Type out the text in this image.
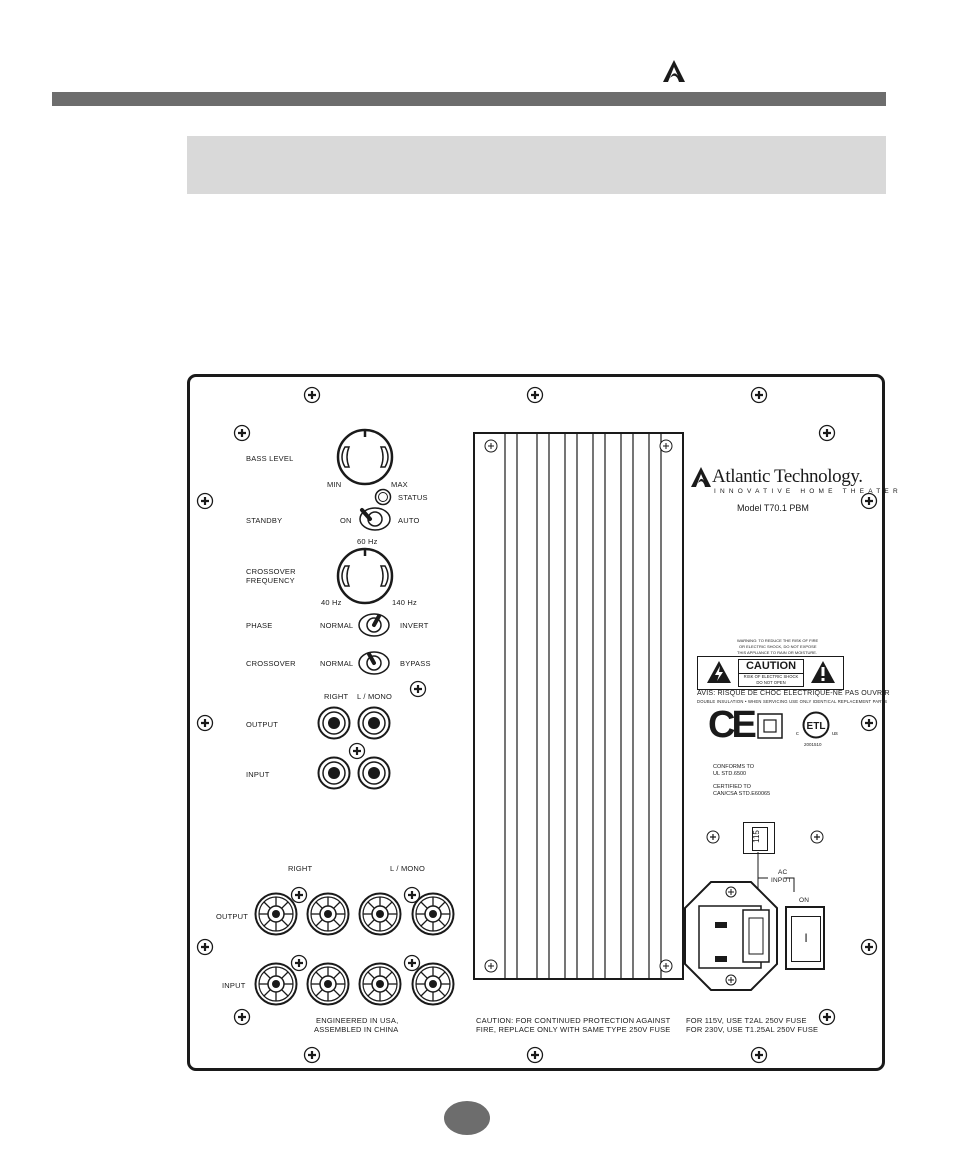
BASS LEVEL
MIN	MAX
STATUS
STANDBY	ON	AUTO
60 Hz
CROSSOVER
FREQUENCY
40 Hz	140 Hz
PHASE	NORMAL	INVERT
CROSSOVER	NORMAL	BYPASS
RIGHT L / MONO
OUTPUT
INPUT
RIGHT	L / MONO
OUTPUT
INPUT
ENGINEERED IN USA,
ASSEMBLED IN CHINA
Atlantic Technology.
INNOVATIVE HOME THEATER
Model T70.1 PBM
WARNING: TO REDUCE THE RISK OF FIRE
OR ELECTRIC SHOCK, DO NOT EXPOSE
THIS APPLIANCE TO RAIN OR MOISTURE.
CAUTION
RISK OF ELECTRIC SHOCK
DO NOT OPEN
AVIS: RISQUE DE CHOC ELECTRIQUE-NE PAS OUVRIR
DOUBLE INSULATION • WHEN SERVICING USE ONLY IDENTICAL REPLACEMENT PARTS
CE	c
ETL
us
2001510
CONFORMS TO
UL STD.6500
CERTIFIED TO
CAN/CSA STD.E60065
115
AC
INPUT
ON
I
CAUTION: FOR CONTINUED PROTECTION AGAINST
FIRE, REPLACE ONLY WITH SAME TYPE 250V FUSE
FOR 115V, USE T2AL 250V FUSE
FOR 230V, USE T1.25AL 250V FUSE
